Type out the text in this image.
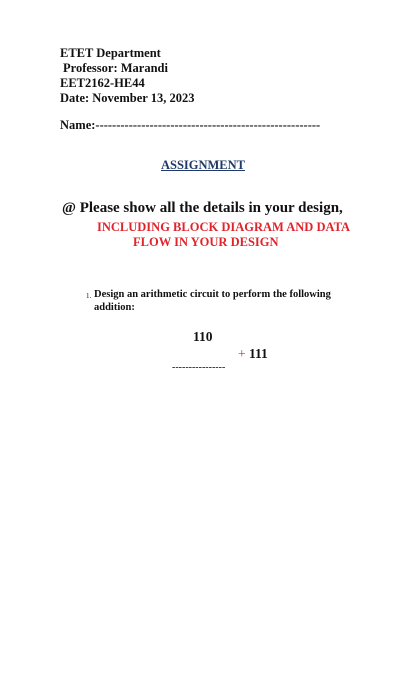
ETET Department
Professor: Marandi
EET2162-HE44
Date: November 13, 2023
Name:------------------------------------------------------
ASSIGNMENT
@ Please show all the details in your design,
INCLUDING BLOCK DIAGRAM AND DATA
FLOW IN YOUR DESIGN
1. Design an arithmetic circuit to perform the following
addition:
110
+ 111
----------------
